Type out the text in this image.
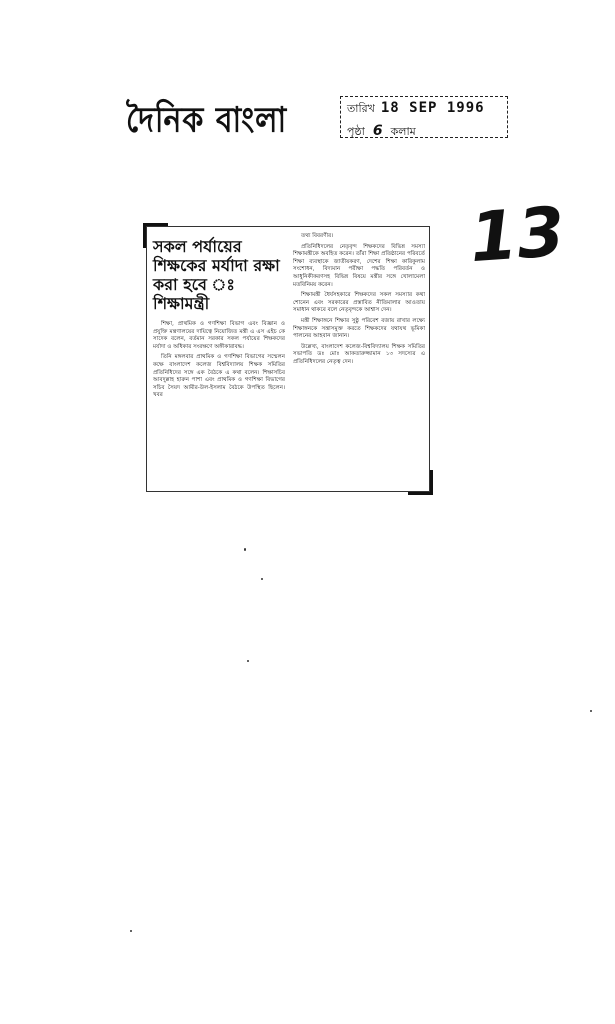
দৈনিক বাংলা	তারিখ 18 SEP 1996
পৃষ্ঠা 6 কলাম
13
সকল পর্যায়ের শিক্ষকের মর্যাদা রক্ষা করা হবে ঃ শিক্ষামন্ত্রী

শিক্ষা, প্রাথমিক ও গণশিক্ষা বিভাগ এবং বিজ্ঞান ও প্রযুক্তি মন্ত্রণালয়ের দায়িত্বে নিয়োজিত মন্ত্রী এ এস এইচ কে সাদেক বলেন, বর্তমান সরকার সকল পর্যায়ের শিক্ষকদের মর্যাদা ও অধিকার সংরক্ষণে অঙ্গীকারাবদ্ধ।

তিনি মঙ্গলবার প্রাথমিক ও গণশিক্ষা বিভাগের সম্মেলন কক্ষে বাংলাদেশ কলেজ বিশ্ববিদ্যালয় শিক্ষক সমিতির প্রতিনিধিদের সঙ্গে এক বৈঠকে এ কথা বলেন। শিক্ষাসচিব আবদুল্লাহ হারুন পাশা এবং প্রাথমিক ও গণশিক্ষা বিভাগের সচিব সৈয়দ আমীর-উল-ইসলাম বৈঠকে উপস্থিত ছিলেন। খবর

তথ্য বিবরণীর।

প্রতিনিধিদলের নেতৃবৃন্দ শিক্ষকদের বিভিন্ন সমস্যা শিক্ষামন্ত্রীকে অবহিত করেন। তাঁরা শিক্ষা প্রতিষ্ঠানের পরিবর্তে শিক্ষা ব্যবস্থাকে জাতীয়করণ, দেশের শিক্ষা কারিকুলাম সংশোধন, বিদ্যমান পরীক্ষা পদ্ধতি পরিবর্তন ও আধুনিকীকরণসহ বিভিন্ন বিষয়ে মন্ত্রীর সঙ্গে খোলামেলা মতবিনিময় করেন।

শিক্ষামন্ত্রী ধৈর্যসহকারে শিক্ষকদের সকল সমস্যার কথা শোনেন এবং সরকারের প্রস্তাবিত নীতিমালার আওতায় সমাধান থাকবে বলে নেতৃবৃন্দকে আশ্বাস দেন।

মন্ত্রী শিক্ষাঙ্গনে শিক্ষার সুষ্ঠু পরিবেশ বজায় রাখার লক্ষ্যে শিক্ষাঙ্গনকে সন্ত্রাসমুক্ত করতে শিক্ষকদের যথাযথ ভূমিকা পালনের আহবান জানান।

উল্লেখ্য, বাংলাদেশ কলেজ-বিশ্ববিদ্যালয় শিক্ষক সমিতির সভাপতি ডঃ মোঃ আকতারুজ্জামান ১৩ সদস্যের এ প্রতিনিধিদলের নেতৃত্ব দেন।
